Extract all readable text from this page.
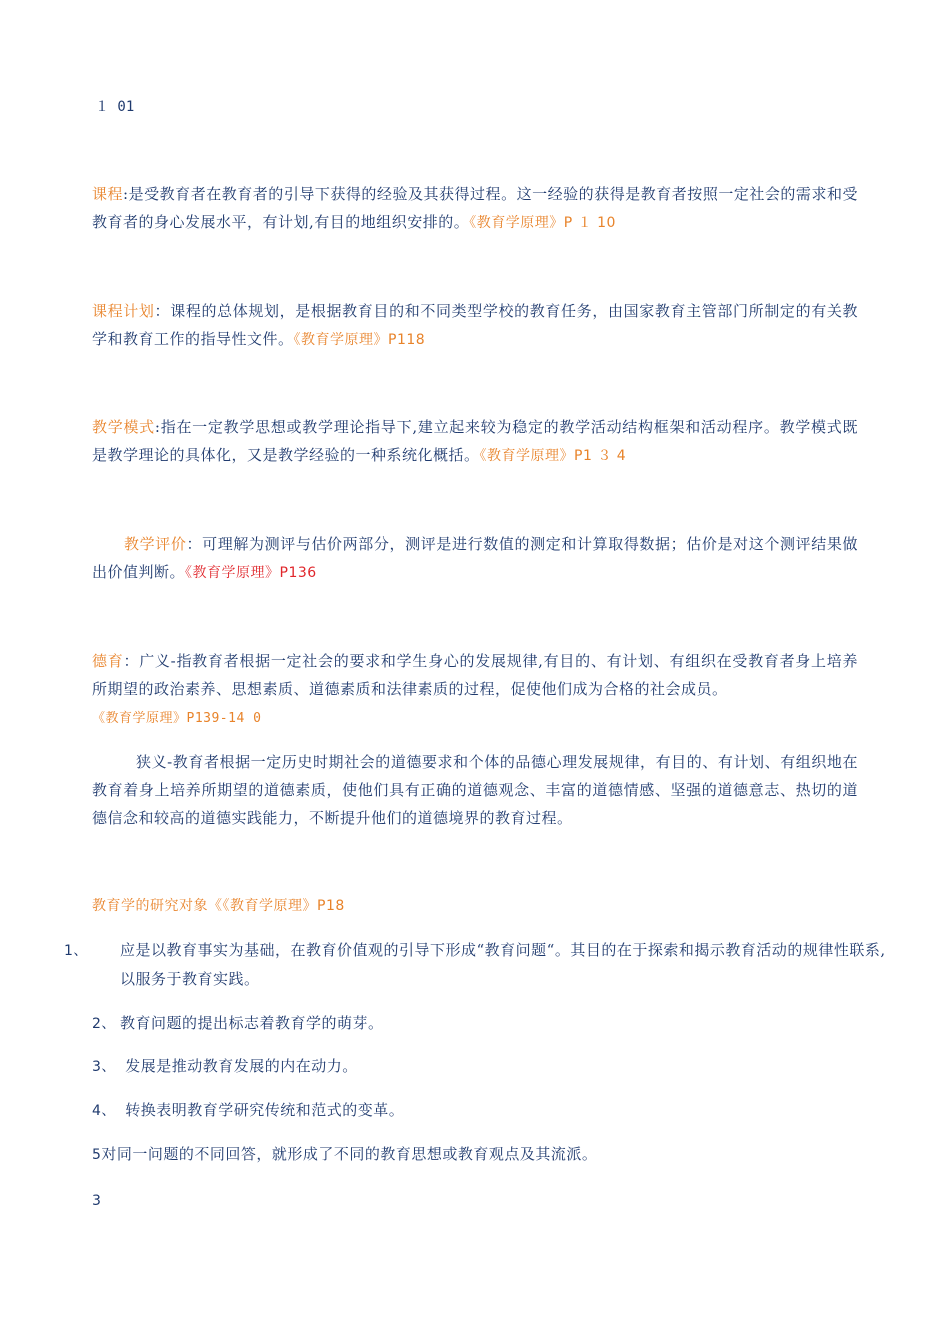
１ 01
课程:是受教育者在教育者的引导下获得的经验及其获得过程。这一经验的获得是教育者按照一定社会的需求和受教育者的身心发展水平，有计划,有目的地组织安排的。《教育学原理》P １ 10
课程计划：课程的总体规划，是根据教育目的和不同类型学校的教育任务，由国家教育主管部门所制定的有关教学和教育工作的指导性文件。《教育学原理》P118
教学模式:指在一定教学思想或教学理论指导下,建立起来较为稳定的教学活动结构框架和活动程序。教学模式既是教学理论的具体化，又是教学经验的一种系统化概括。《教育学原理》P1 ３ 4
教学评价：可理解为测评与估价两部分，测评是进行数值的测定和计算取得数据；估价是对这个测评结果做出价值判断。《教育学原理》P136
德育：广义-指教育者根据一定社会的要求和学生身心的发展规律,有目的、有计划、有组织在受教育者身上培养所期望的政治素养、思想素质、道德素质和法律素质的过程，促使他们成为合格的社会成员。
《教育学原理》P139-14 0
狭义-教育者根据一定历史时期社会的道德要求和个体的品德心理发展规律，有目的、有计划、有组织地在教育着身上培养所期望的道德素质，使他们具有正确的道德观念、丰富的道德情感、坚强的道德意志、热切的道德信念和较高的道德实践能力，不断提升他们的道德境界的教育过程。
教育学的研究对象《《教育学原理》P18
1、 应是以教育事实为基础，在教育价值观的引导下形成“教育问题“。其目的在于探索和揭示教育活动的规律性联系,以服务于教育实践。
2、 教育问题的提出标志着教育学的萌芽。
3、 发展是推动教育发展的内在动力。
4、 转换表明教育学研究传统和范式的变革。
5对同一问题的不同回答，就形成了不同的教育思想或教育观点及其流派。
3
